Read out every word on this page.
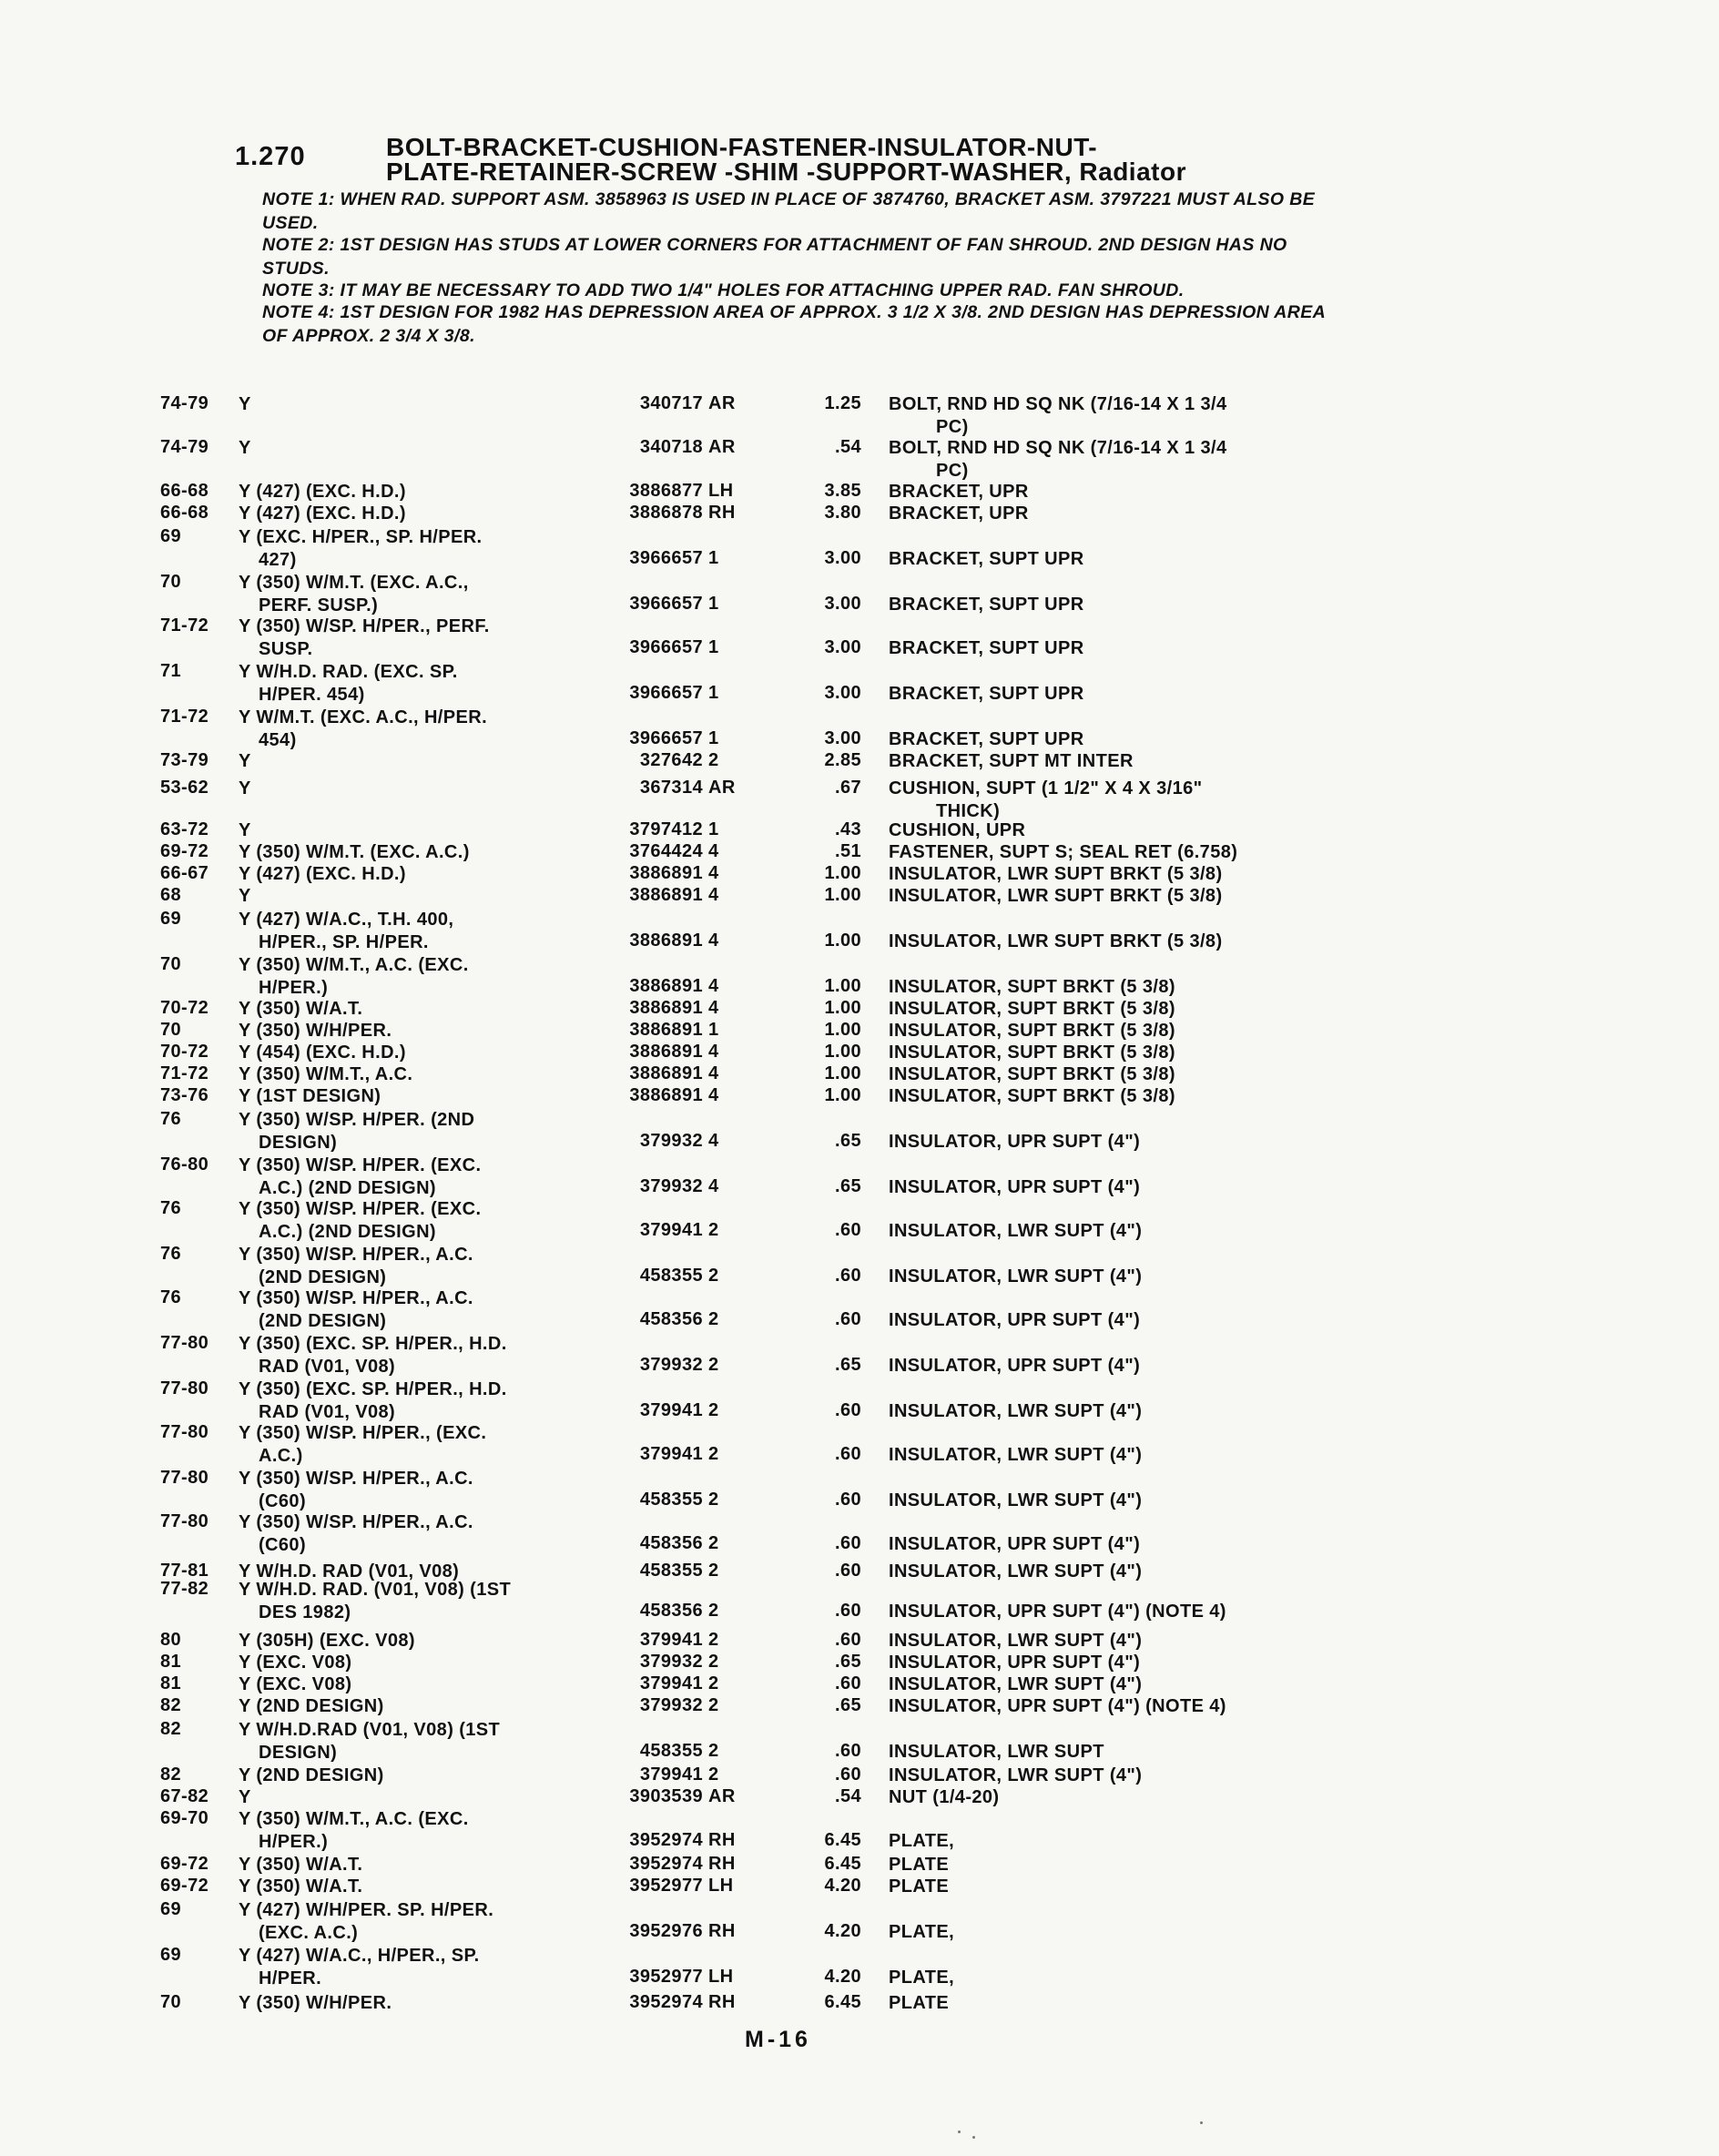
1.270	BOLT-BRACKET-CUSHION-FASTENER-INSULATOR-NUT-
PLATE-RETAINER-SCREW -SHIM -SUPPORT-WASHER, Radiator

NOTE 1: WHEN RAD. SUPPORT ASM. 3858963 IS USED IN PLACE OF 3874760, BRACKET ASM. 3797221 MUST ALSO BE USED.

NOTE 2: 1ST DESIGN HAS STUDS AT LOWER CORNERS FOR ATTACHMENT OF FAN SHROUD. 2ND DESIGN HAS NO STUDS.

NOTE 3: IT MAY BE NECESSARY TO ADD TWO 1/4" HOLES FOR ATTACHING UPPER RAD. FAN SHROUD.

NOTE 4: 1ST DESIGN FOR 1982 HAS DEPRESSION AREA OF APPROX. 3 1/2 X 3/8. 2ND DESIGN HAS DEPRESSION AREA OF APPROX. 2 3/4 X 3/8.

74-79	Y	340717 AR	1.25 BOLT, RND HD SQ NK (7/16-14 X 1 3/4
PC)
74-79	Y	340718 AR	.54 BOLT, RND HD SQ NK (7/16-14 X 1 3/4
PC)
66-68	Y (427) (EXC. H.D.)	3886877 LH	3.85 BRACKET, UPR
66-68	Y (427) (EXC. H.D.)	3886878 RH	3.80 BRACKET, UPR
69	Y (EXC. H/PER., SP. H/PER.
427)	3966657 1	3.00 BRACKET, SUPT UPR
70	Y (350) W/M.T. (EXC. A.C.,
PERF. SUSP.)	3966657 1	3.00 BRACKET, SUPT UPR
71-72	Y (350) W/SP. H/PER., PERF.
SUSP.	3966657 1	3.00 BRACKET, SUPT UPR
71	Y W/H.D. RAD. (EXC. SP.
H/PER. 454)	3966657 1	3.00 BRACKET, SUPT UPR
71-72	Y W/M.T. (EXC. A.C., H/PER.
454)	3966657 1	3.00 BRACKET, SUPT UPR
73-79	Y	327642 2	2.85 BRACKET, SUPT MT INTER
53-62	Y	367314 AR	.67 CUSHION, SUPT (1 1/2" X 4 X 3/16"
THICK)
63-72	Y	3797412 1	.43 CUSHION, UPR
69-72	Y (350) W/M.T. (EXC. A.C.)	3764424 4	.51 FASTENER, SUPT S; SEAL RET (6.758)
66-67	Y (427) (EXC. H.D.)	3886891 4	1.00 INSULATOR, LWR SUPT BRKT (5 3/8)
68	Y	3886891 4	1.00 INSULATOR, LWR SUPT BRKT (5 3/8)
69	Y (427) W/A.C., T.H. 400,
H/PER., SP. H/PER.	3886891 4	1.00 INSULATOR, LWR SUPT BRKT (5 3/8)
70	Y (350) W/M.T., A.C. (EXC.
H/PER.)	3886891 4	1.00 INSULATOR, SUPT BRKT (5 3/8)
70-72	Y (350) W/A.T.	3886891 4	1.00 INSULATOR, SUPT BRKT (5 3/8)
70	Y (350) W/H/PER.	3886891 1	1.00 INSULATOR, SUPT BRKT (5 3/8)
70-72	Y (454) (EXC. H.D.)	3886891 4	1.00 INSULATOR, SUPT BRKT (5 3/8)
71-72	Y (350) W/M.T., A.C.	3886891 4	1.00 INSULATOR, SUPT BRKT (5 3/8)
73-76	Y (1ST DESIGN)	3886891 4	1.00 INSULATOR, SUPT BRKT (5 3/8)
76	Y (350) W/SP. H/PER. (2ND
DESIGN)	379932 4	.65 INSULATOR, UPR SUPT (4")
76-80	Y (350) W/SP. H/PER. (EXC.
A.C.) (2ND DESIGN)	379932 4	.65 INSULATOR, UPR SUPT (4")
76	Y (350) W/SP. H/PER. (EXC.
A.C.) (2ND DESIGN)	379941 2	.60 INSULATOR, LWR SUPT (4")
76	Y (350) W/SP. H/PER., A.C.
(2ND DESIGN)	458355 2	.60 INSULATOR, LWR SUPT (4")
76	Y (350) W/SP. H/PER., A.C.
(2ND DESIGN)	458356 2	.60 INSULATOR, UPR SUPT (4")
77-80	Y (350) (EXC. SP. H/PER., H.D.
RAD (V01, V08)	379932 2	.65 INSULATOR, UPR SUPT (4")
77-80	Y (350) (EXC. SP. H/PER., H.D.
RAD (V01, V08)	379941 2	.60 INSULATOR, LWR SUPT (4")
77-80	Y (350) W/SP. H/PER., (EXC.
A.C.)	379941 2	.60 INSULATOR, LWR SUPT (4")
77-80	Y (350) W/SP. H/PER., A.C.
(C60)	458355 2	.60 INSULATOR, LWR SUPT (4")
77-80	Y (350) W/SP. H/PER., A.C.
(C60)	458356 2	.60 INSULATOR, UPR SUPT (4")
77-81	Y W/H.D. RAD (V01, V08)	458355 2	.60 INSULATOR, LWR SUPT (4")
77-82	Y W/H.D. RAD. (V01, V08) (1ST
DES 1982)	458356 2	.60 INSULATOR, UPR SUPT (4") (NOTE 4)
80	Y (305H) (EXC. V08)	379941 2	.60 INSULATOR, LWR SUPT (4")
81	Y (EXC. V08)	379932 2	.65 INSULATOR, UPR SUPT (4")
81	Y (EXC. V08)	379941 2	.60 INSULATOR, LWR SUPT (4")
82	Y (2ND DESIGN)	379932 2	.65 INSULATOR, UPR SUPT (4") (NOTE 4)
82	Y W/H.D.RAD (V01, V08) (1ST
DESIGN)	458355 2	.60 INSULATOR, LWR SUPT
82	Y (2ND DESIGN)	379941 2	.60 INSULATOR, LWR SUPT (4")
67-82	Y	3903539 AR	.54 NUT (1/4-20)
69-70	Y (350) W/M.T., A.C. (EXC.
H/PER.)	3952974 RH	6.45 PLATE,
69-72	Y (350) W/A.T.	3952974 RH	6.45 PLATE
69-72	Y (350) W/A.T.	3952977 LH	4.20 PLATE
69	Y (427) W/H/PER. SP. H/PER.
(EXC. A.C.)	3952976 RH	4.20 PLATE,
69	Y (427) W/A.C., H/PER., SP.
H/PER.	3952977 LH	4.20 PLATE,
70	Y (350) W/H/PER.	3952974 RH	6.45 PLATE
M-16
